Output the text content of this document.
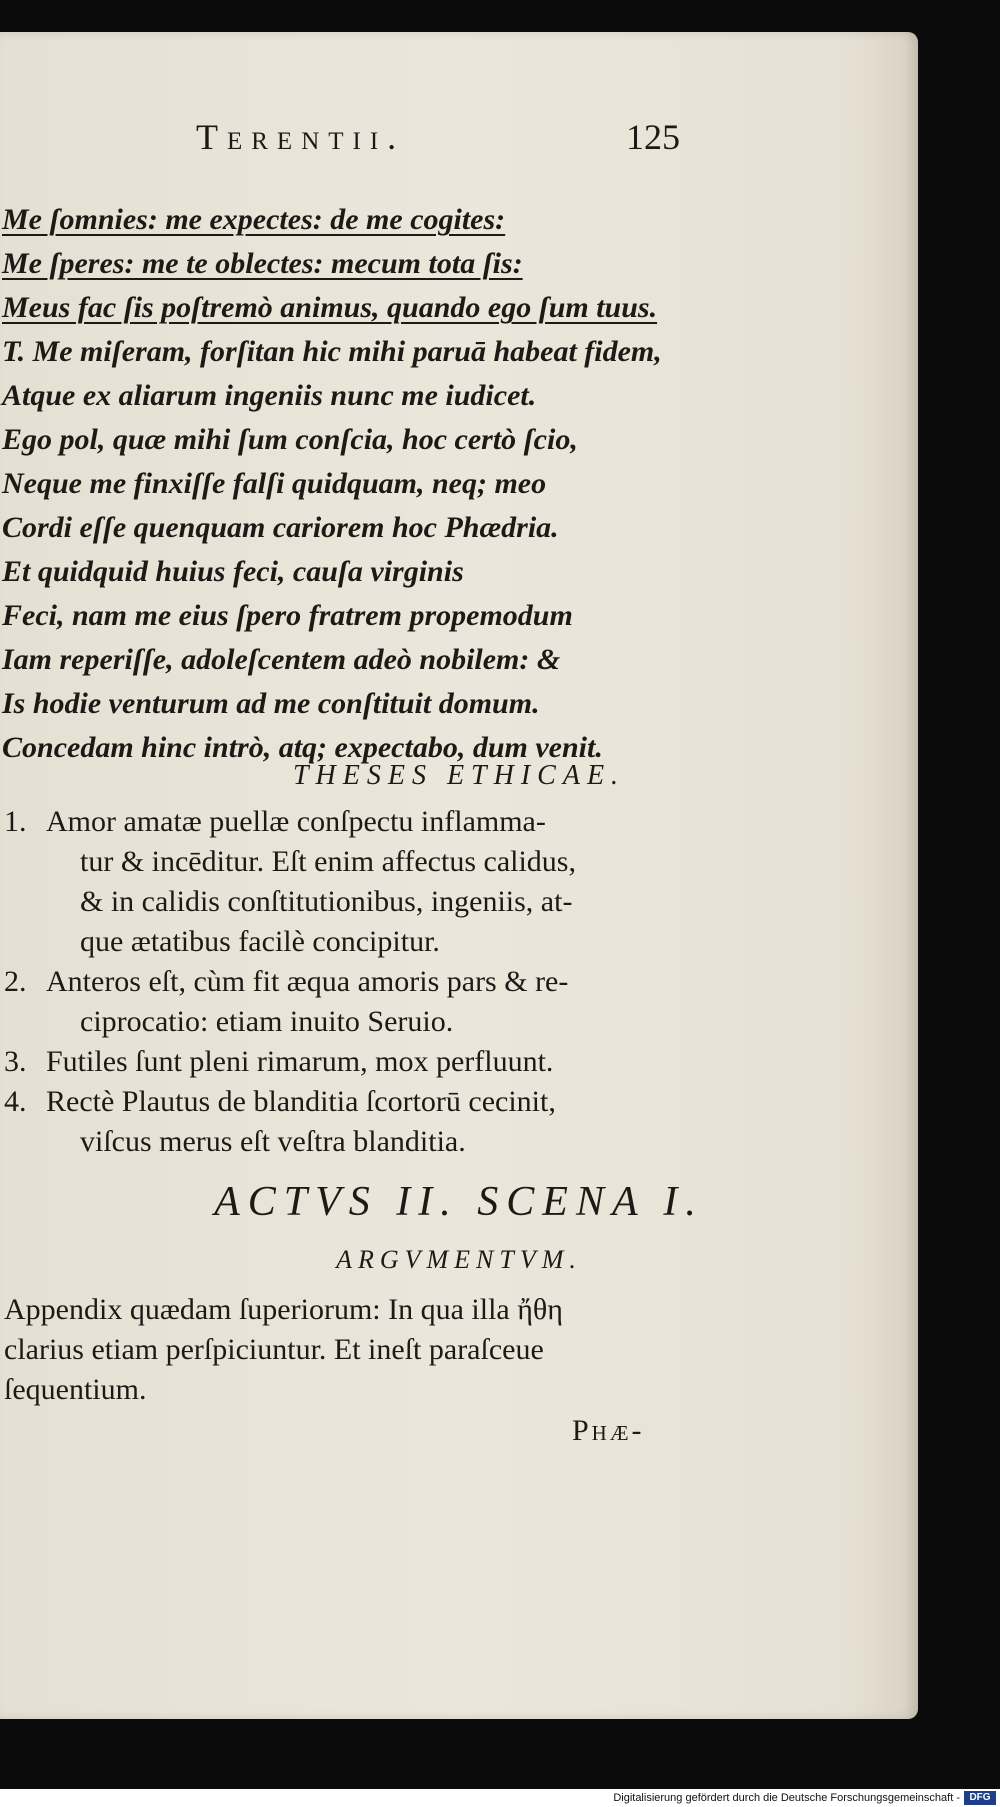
Terentii.	125
Me ſomnies: me expectes: de me cogites:
Me ſperes: me te oblectes: mecum tota ſis:
Meus fac ſis poſtremò animus, quando ego ſum tuus.
T. Me miſeram, forſitan hic mihi paruā habeat fidem,
Atque ex aliarum ingeniis nunc me iudicet.
Ego pol, quæ mihi ſum conſcia, hoc certò ſcio,
Neque me finxiſſe falſi quidquam, neq; meo
Cordi eſſe quenquam cariorem hoc Phædria.
Et quidquid huius feci, cauſa virginis
Feci, nam me eius ſpero fratrem propemodum
Iam reperiſſe, adoleſcentem adeò nobilem: &
Is hodie venturum ad me conſtituit domum.
Concedam hinc intrò, atq; expectabo, dum venit.
THESES ETHICAE.
1. Amor amatæ puellæ conſpectu inflamma-
tur & incēditur. Eſt enim affectus calidus,
& in calidis conſtitutionibus, ingeniis, at-
que ætatibus facilè concipitur.
2. Anteros eſt, cùm fit æqua amoris pars & re-
ciprocatio: etiam inuito Seruio.
3. Futiles ſunt pleni rimarum, mox perfluunt.
4. Rectè Plautus de blanditia ſcortorū cecinit,
viſcus merus eſt veſtra blanditia.
ACTVS II. SCENA I.
ARGVMENTVM.
Appendix quædam ſuperiorum: In qua illa ἤθη
clarius etiam perſpiciuntur. Et ineſt paraſceue
ſequentium.
Phæ-
Digitalisierung gefördert durch die Deutsche Forschungsgemeinschaft - DFG
